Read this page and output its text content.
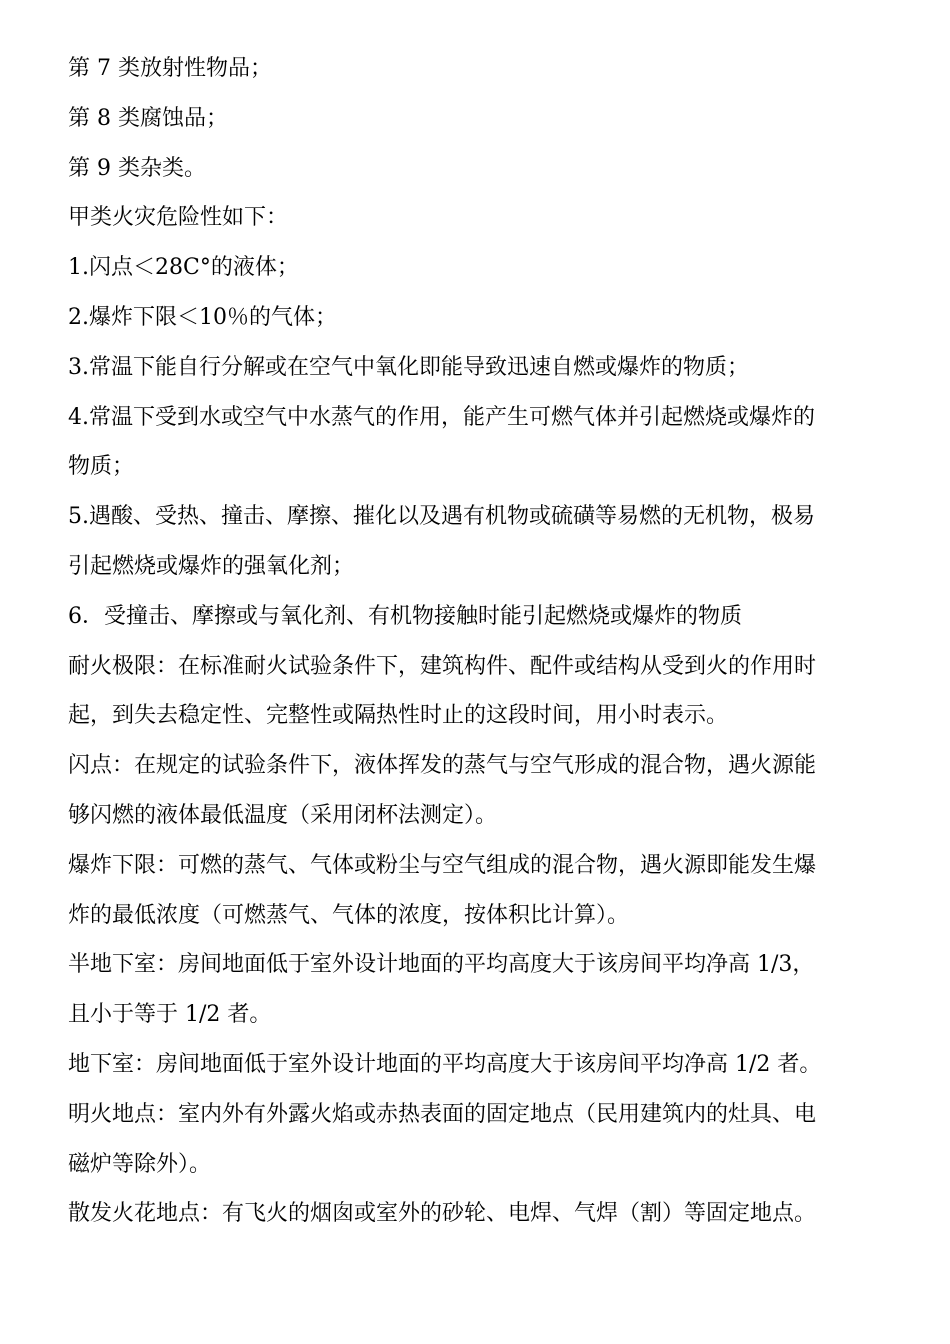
第 7 类放射性物品；
第 8 类腐蚀品；
第 9 类杂类。
甲类火灾危险性如下：
1.闪点＜28C°的液体；
2.爆炸下限＜10％的气体；
3.常温下能自行分解或在空气中氧化即能导致迅速自燃或爆炸的物质；
4.常温下受到水或空气中水蒸气的作用，能产生可燃气体并引起燃烧或爆炸的
物质；
5.遇酸、受热、撞击、摩擦、摧化以及遇有机物或硫磺等易燃的无机物，极易
引起燃烧或爆炸的强氧化剂；
6．受撞击、摩擦或与氧化剂、有机物接触时能引起燃烧或爆炸的物质
耐火极限：在标准耐火试验条件下，建筑构件、配件或结构从受到火的作用时
起，到失去稳定性、完整性或隔热性时止的这段时间，用小时表示。
闪点：在规定的试验条件下，液体挥发的蒸气与空气形成的混合物，遇火源能
够闪燃的液体最低温度（采用闭杯法测定）。
爆炸下限：可燃的蒸气、气体或粉尘与空气组成的混合物，遇火源即能发生爆
炸的最低浓度（可燃蒸气、气体的浓度，按体积比计算）。
半地下室：房间地面低于室外设计地面的平均高度大于该房间平均净高 1/3，
且小于等于 1/2 者。
地下室：房间地面低于室外设计地面的平均高度大于该房间平均净高 1/2 者。
明火地点：室内外有外露火焰或赤热表面的固定地点（民用建筑内的灶具、电
磁炉等除外）。
散发火花地点：有飞火的烟囱或室外的砂轮、电焊、气焊（割）等固定地点。
